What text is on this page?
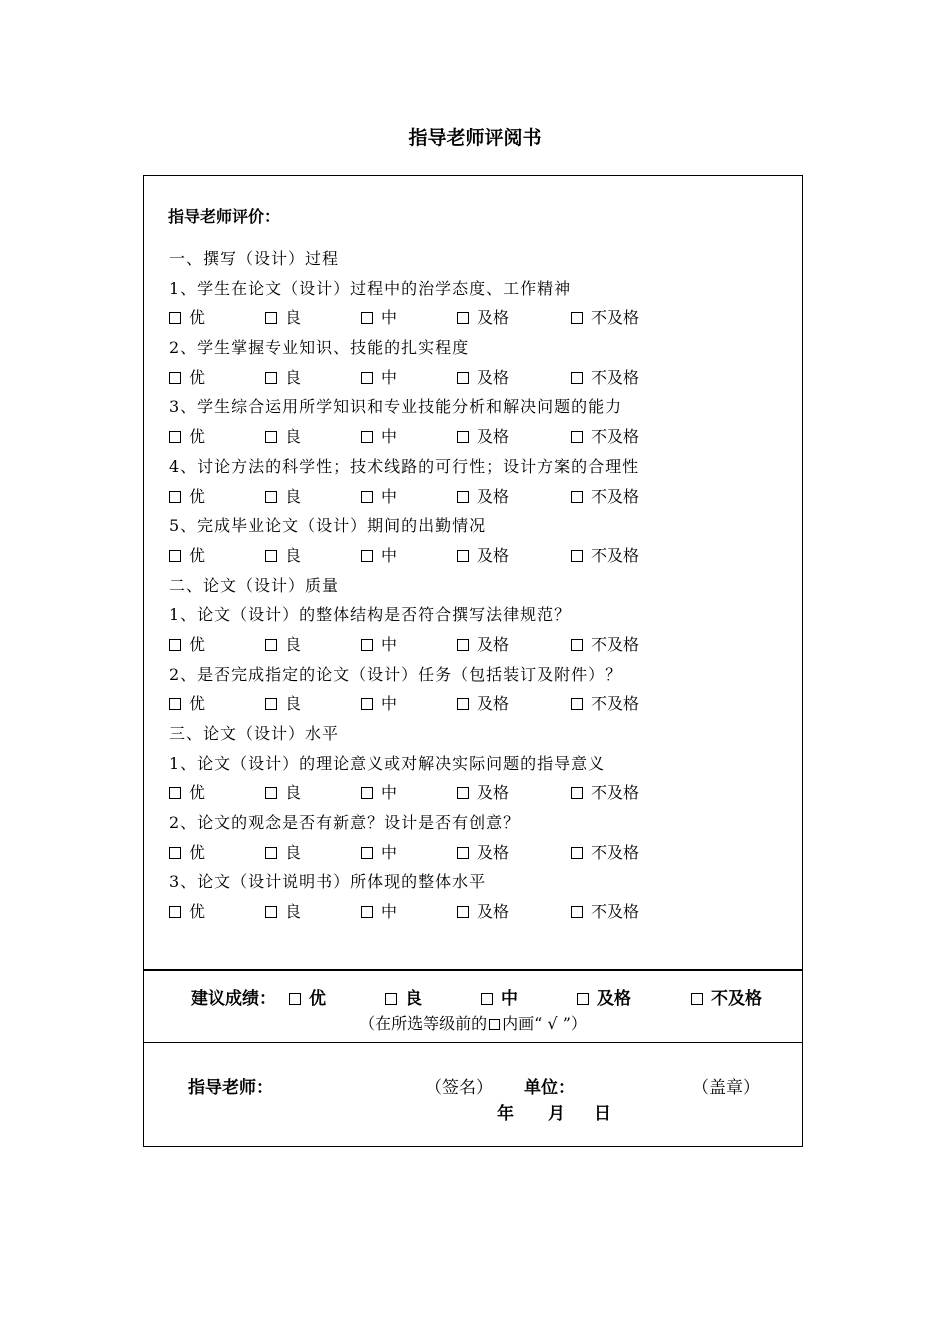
指导老师评阅书
指导老师评价：
一、撰写（设计）过程
1、学生在论文（设计）过程中的治学态度、工作精神
优	良	中	及格	不及格
2、学生掌握专业知识、技能的扎实程度
优	良	中	及格	不及格
3、学生综合运用所学知识和专业技能分析和解决问题的能力
优	良	中	及格	不及格
4、讨论方法的科学性；技术线路的可行性；设计方案的合理性
优	良	中	及格	不及格
5、完成毕业论文（设计）期间的出勤情况
优	良	中	及格	不及格
二、论文（设计）质量
1、论文（设计）的整体结构是否符合撰写法律规范？
优	良	中	及格	不及格
2、是否完成指定的论文（设计）任务（包括装订及附件）？
优	良	中	及格	不及格
三、论文（设计）水平
1、论文（设计）的理论意义或对解决实际问题的指导意义
优	良	中	及格	不及格
2、论文的观念是否有新意？设计是否有创意？
优	良	中	及格	不及格
3、论文（设计说明书）所体现的整体水平
优	良	中	及格	不及格
建议成绩：	优	良	中	及格	不及格
（在所选等级前的 内画“ √ ”）
指导老师：	（签名） 单位：	（盖章）
年 月 日
